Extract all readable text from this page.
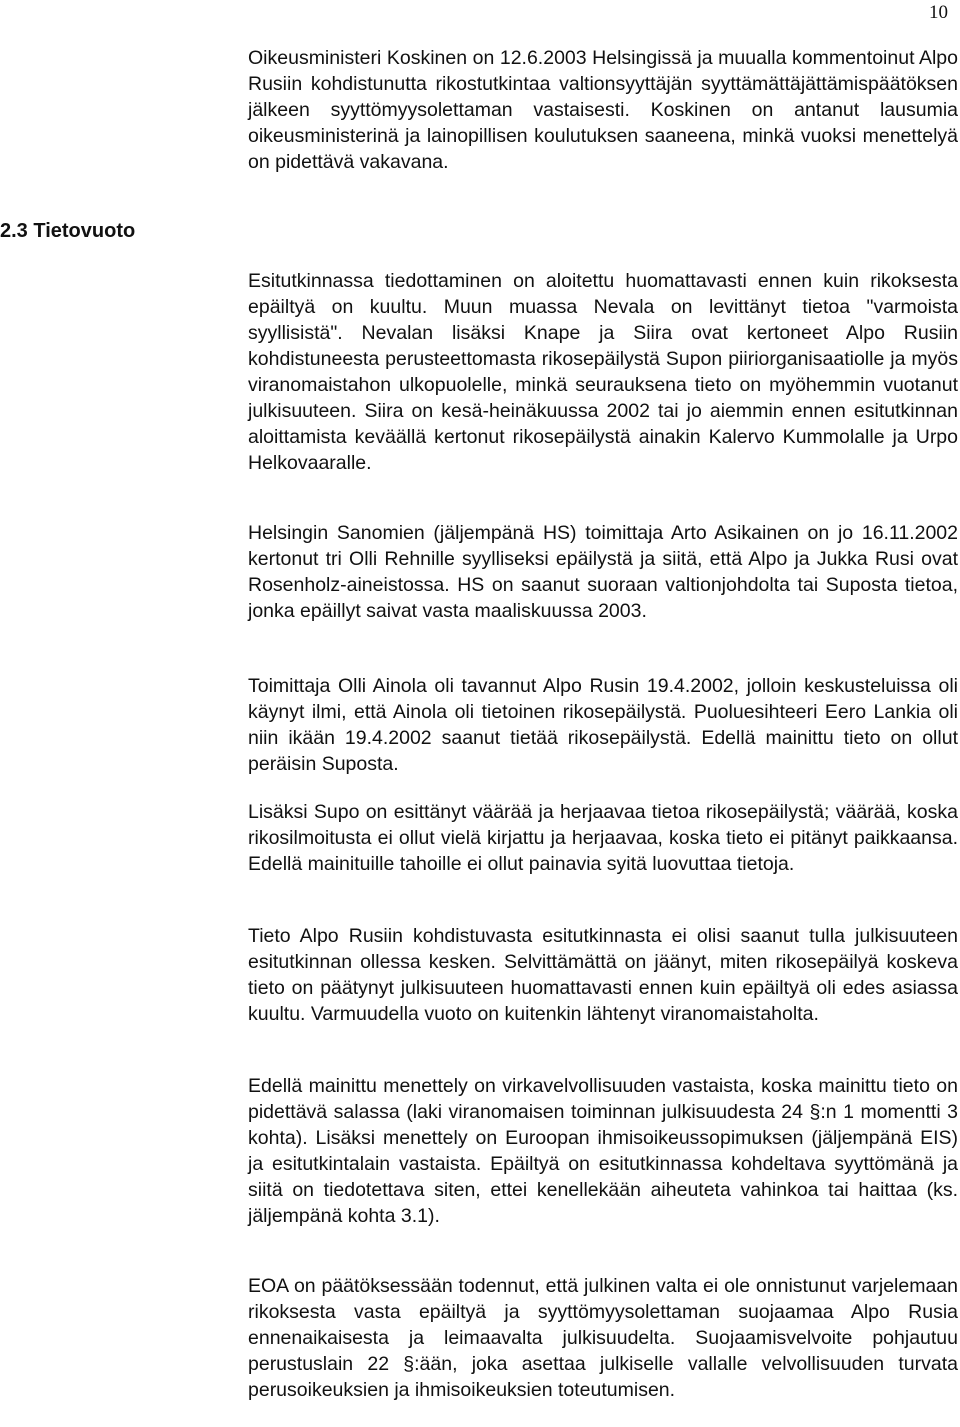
10

Oikeusministeri Koskinen on 12.6.2003 Helsingissä ja muualla kommentoinut Alpo Rusiin kohdistunutta rikostutkintaa valtionsyyttäjän syyttämättäjättämispäätöksen jälkeen syyttömyysolettaman vastaisesti. Koskinen on antanut lausumia oikeusministerinä ja lainopillisen koulutuksen saaneena, minkä vuoksi menettelyä on pidettävä vakavana.

2.3 Tietovuoto

Esitutkinnassa tiedottaminen on aloitettu huomattavasti ennen kuin rikoksesta epäiltyä on kuultu. Muun muassa Nevala on levittänyt tietoa "varmoista syyllisistä". Nevalan lisäksi Knape ja Siira ovat kertoneet Alpo Rusiin kohdistuneesta perusteettomasta rikosepäilystä Supon piiriorganisaatiolle ja myös viranomaistahon ulkopuolelle, minkä seurauksena tieto on myöhemmin vuotanut julkisuuteen. Siira on kesä-heinäkuussa 2002 tai jo aiemmin ennen esitutkinnan aloittamista keväällä kertonut rikosepäilystä ainakin Kalervo Kummolalle ja Urpo Helkovaaralle.

Helsingin Sanomien (jäljempänä HS) toimittaja Arto Asikainen on jo 16.11.2002 kertonut tri Olli Rehnille syylliseksi epäilystä ja siitä, että Alpo ja Jukka Rusi ovat Rosenholz-aineistossa. HS on saanut suoraan valtionjohdolta tai Suposta tietoa, jonka epäillyt saivat vasta maaliskuussa 2003.

Toimittaja Olli Ainola oli tavannut Alpo Rusin 19.4.2002, jolloin keskusteluissa oli käynyt ilmi, että Ainola oli tietoinen rikosepäilystä. Puoluesihteeri Eero Lankia oli niin ikään 19.4.2002 saanut tietää rikosepäilystä. Edellä mainittu tieto on ollut peräisin Suposta.

Lisäksi Supo on esittänyt väärää ja herjaavaa tietoa rikosepäilystä; väärää, koska rikosilmoitusta ei ollut vielä kirjattu ja herjaavaa, koska tieto ei pitänyt paikkaansa. Edellä mainituille tahoille ei ollut painavia syitä luovuttaa tietoja.

Tieto Alpo Rusiin kohdistuvasta esitutkinnasta ei olisi saanut tulla julkisuuteen esitutkinnan ollessa kesken. Selvittämättä on jäänyt, miten rikosepäilyä koskeva tieto on päätynyt julkisuuteen huomattavasti ennen kuin epäiltyä oli edes asiassa kuultu. Varmuudella vuoto on kuitenkin lähtenyt viranomaistaholta.

Edellä mainittu menettely on virkavelvollisuuden vastaista, koska mainittu tieto on pidettävä salassa (laki viranomaisen toiminnan julkisuudesta 24 §:n 1 momentti 3 kohta). Lisäksi menettely on Euroopan ihmisoikeussopimuksen (jäljempänä EIS) ja esitutkintalain vastaista. Epäiltyä on esitutkinnassa kohdeltava syyttömänä ja siitä on tiedotettava siten, ettei kenellekään aiheuteta vahinkoa tai haittaa (ks. jäljempänä kohta 3.1).

EOA on päätöksessään todennut, että julkinen valta ei ole onnistunut varjelemaan rikoksesta vasta epäiltyä ja syyttömyysolettaman suojaamaa Alpo Rusia ennenaikaisesta ja leimaavalta julkisuudelta. Suojaamisvelvoite pohjautuu perustuslain 22 §:ään, joka asettaa julkiselle vallalle velvollisuuden turvata perusoikeuksien ja ihmisoikeuksien toteutumisen.
